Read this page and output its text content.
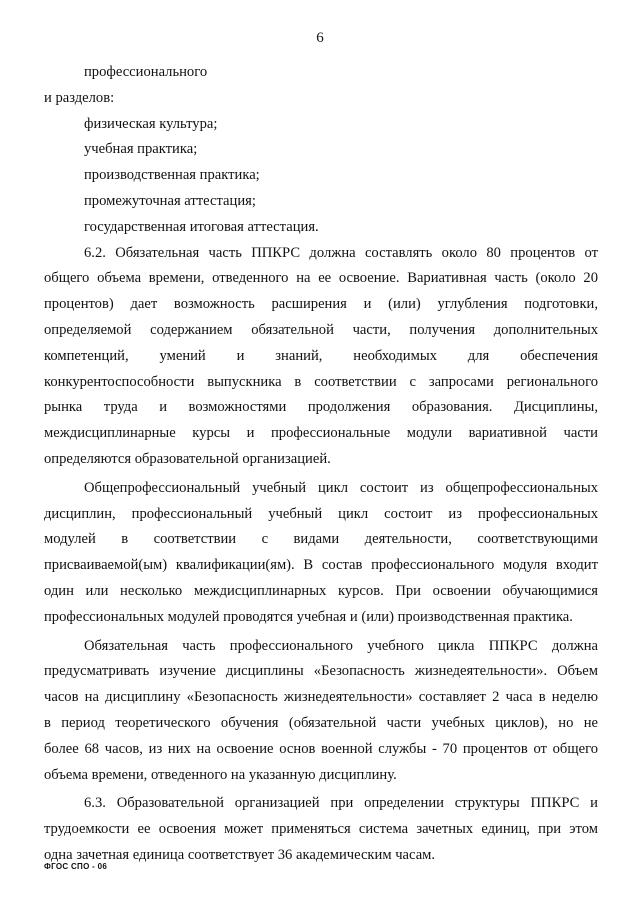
6
профессионального
и разделов:
физическая культура;
учебная практика;
производственная практика;
промежуточная аттестация;
государственная итоговая аттестация.
6.2. Обязательная часть ППКРС должна составлять около 80 процентов от
общего объема времени, отведенного на ее освоение. Вариативная часть (около 20
процентов) дает возможность расширения и (или) углубления подготовки,
определяемой содержанием обязательной части, получения дополнительных
компетенций, умений и знаний, необходимых для обеспечения
конкурентоспособности выпускника в соответствии с запросами регионального
рынка труда и возможностями продолжения образования. Дисциплины,
междисциплинарные курсы и профессиональные модули вариативной части
определяются образовательной организацией.
Общепрофессиональный учебный цикл состоит из общепрофессиональных
дисциплин, профессиональный учебный цикл состоит из профессиональных
модулей в соответствии с видами деятельности, соответствующими
присваиваемой(ым) квалификации(ям). В состав профессионального модуля входит
один или несколько междисциплинарных курсов. При освоении обучающимися
профессиональных модулей проводятся учебная и (или) производственная практика.
Обязательная часть профессионального учебного цикла ППКРС должна
предусматривать изучение дисциплины «Безопасность жизнедеятельности». Объем
часов на дисциплину «Безопасность жизнедеятельности» составляет 2 часа в неделю
в период теоретического обучения (обязательной части учебных циклов), но не
более 68 часов, из них на освоение основ военной службы - 70 процентов от общего
объема времени, отведенного на указанную дисциплину.
6.3. Образовательной организацией при определении структуры ППКРС и
трудоемкости ее освоения может применяться система зачетных единиц, при этом
одна зачетная единица соответствует 36 академическим часам.
ФГОС СПО - 06
